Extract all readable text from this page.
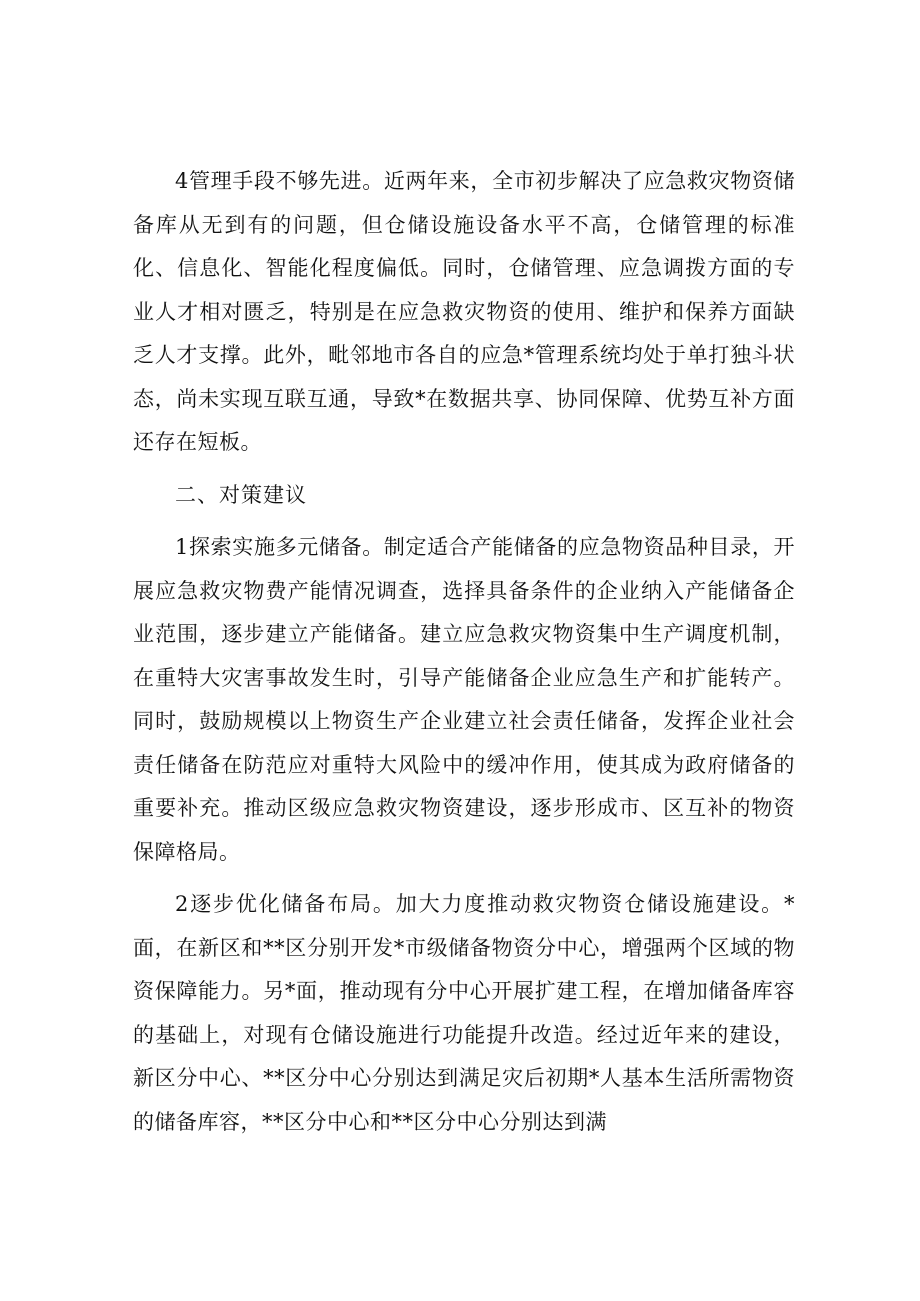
4管理手段不够先进。近两年来，全市初步解决了应急救灾物资储备库从无到有的问题，但仓储设施设备水平不高，仓储管理的标准化、信息化、智能化程度偏低。同时，仓储管理、应急调拨方面的专业人才相对匮乏，特别是在应急救灾物资的使用、维护和保养方面缺乏人才支撑。此外，毗邻地市各自的应急*管理系统均处于单打独斗状态，尚未实现互联互通，导致*在数据共享、协同保障、优势互补方面还存在短板。

二、对策建议

1探索实施多元储备。制定适合产能储备的应急物资品种目录，开展应急救灾物费产能情况调查，选择具备条件的企业纳入产能储备企业范围，逐步建立产能储备。建立应急救灾物资集中生产调度机制，在重特大灾害事故发生时，引导产能储备企业应急生产和扩能转产。同时，鼓励规模以上物资生产企业建立社会责任储备，发挥企业社会责任储备在防范应对重特大风险中的缓冲作用，使其成为政府储备的重要补充。推动区级应急救灾物资建设，逐步形成市、区互补的物资保障格局。

2逐步优化储备布局。加大力度推动救灾物资仓储设施建设。*面，在新区和**区分别开发*市级储备物资分中心，增强两个区域的物资保障能力。另*面，推动现有分中心开展扩建工程，在增加储备库容的基础上，对现有仓储设施进行功能提升改造。经过近年来的建设，新区分中心、**区分中心分别达到满足灾后初期*人基本生活所需物资的储备库容，**区分中心和**区分中心分别达到满
